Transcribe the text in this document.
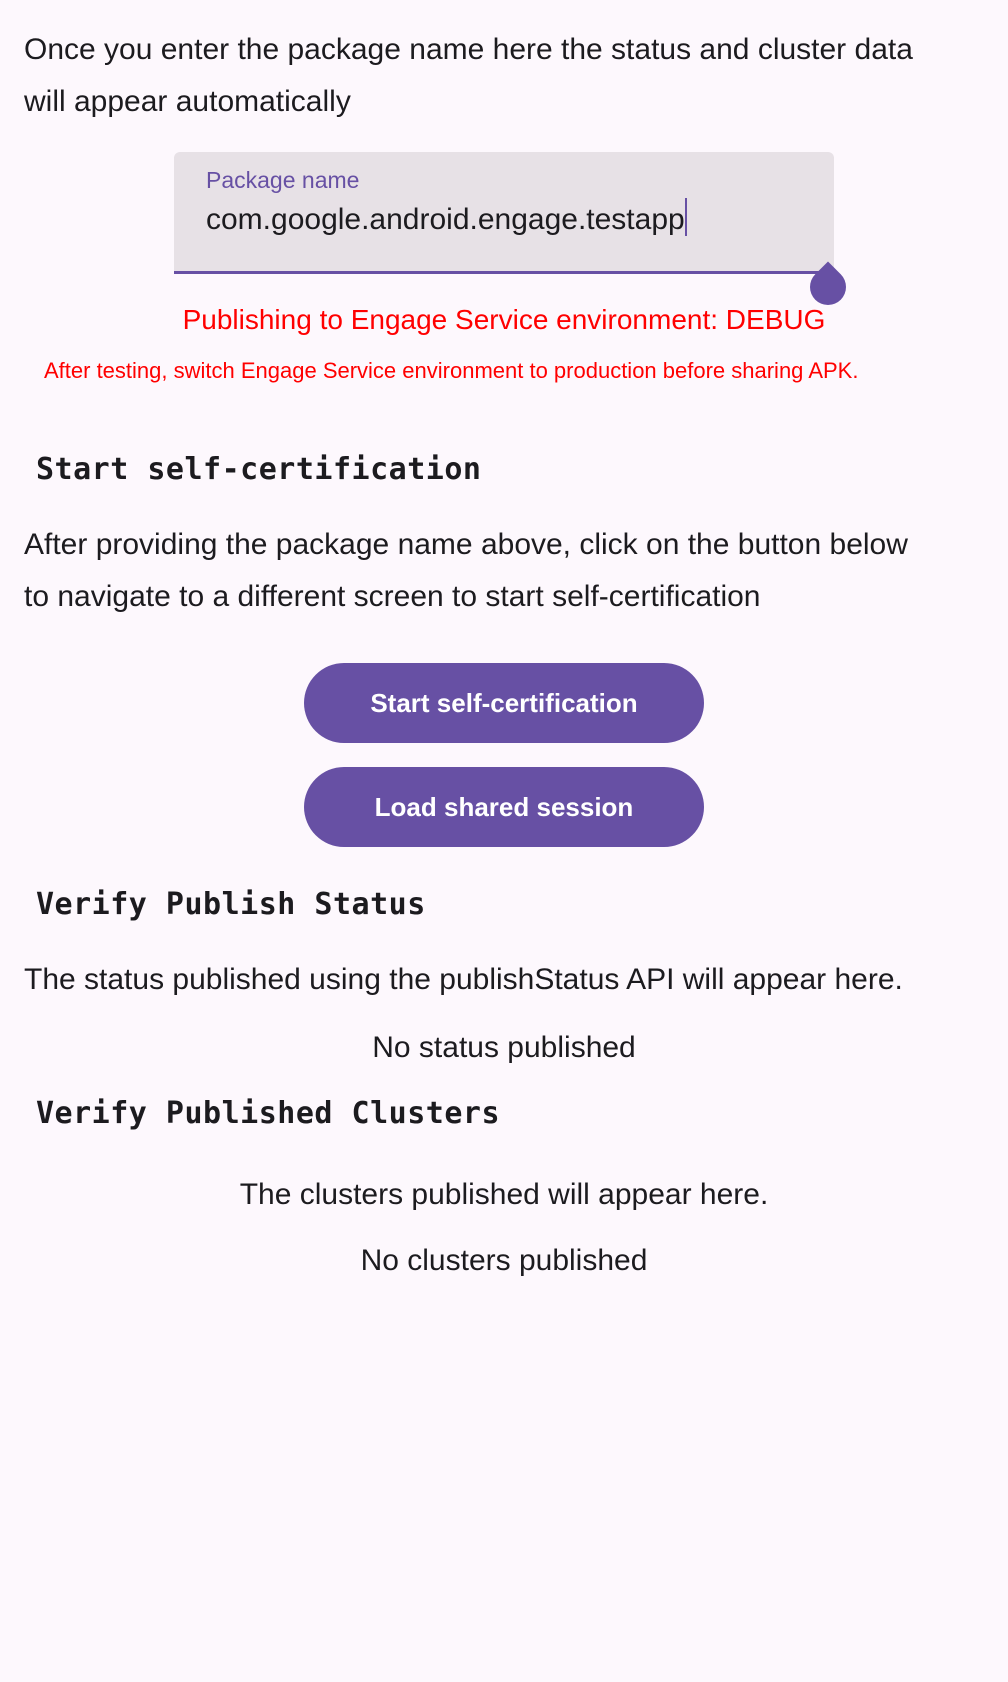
Once you enter the package name here the status and cluster data will appear automatically

Package name
com.google.android.engage.testapp
Publishing to Engage Service environment: DEBUG
After testing, switch Engage Service environment to production before sharing APK.
Start self-certification

After providing the package name above, click on the button below to navigate to a different screen to start self-certification

Start self-certification
Load shared session
Verify Publish Status

The status published using the publishStatus API will appear here.

No status published
Verify Published Clusters
The clusters published will appear here.
No clusters published
